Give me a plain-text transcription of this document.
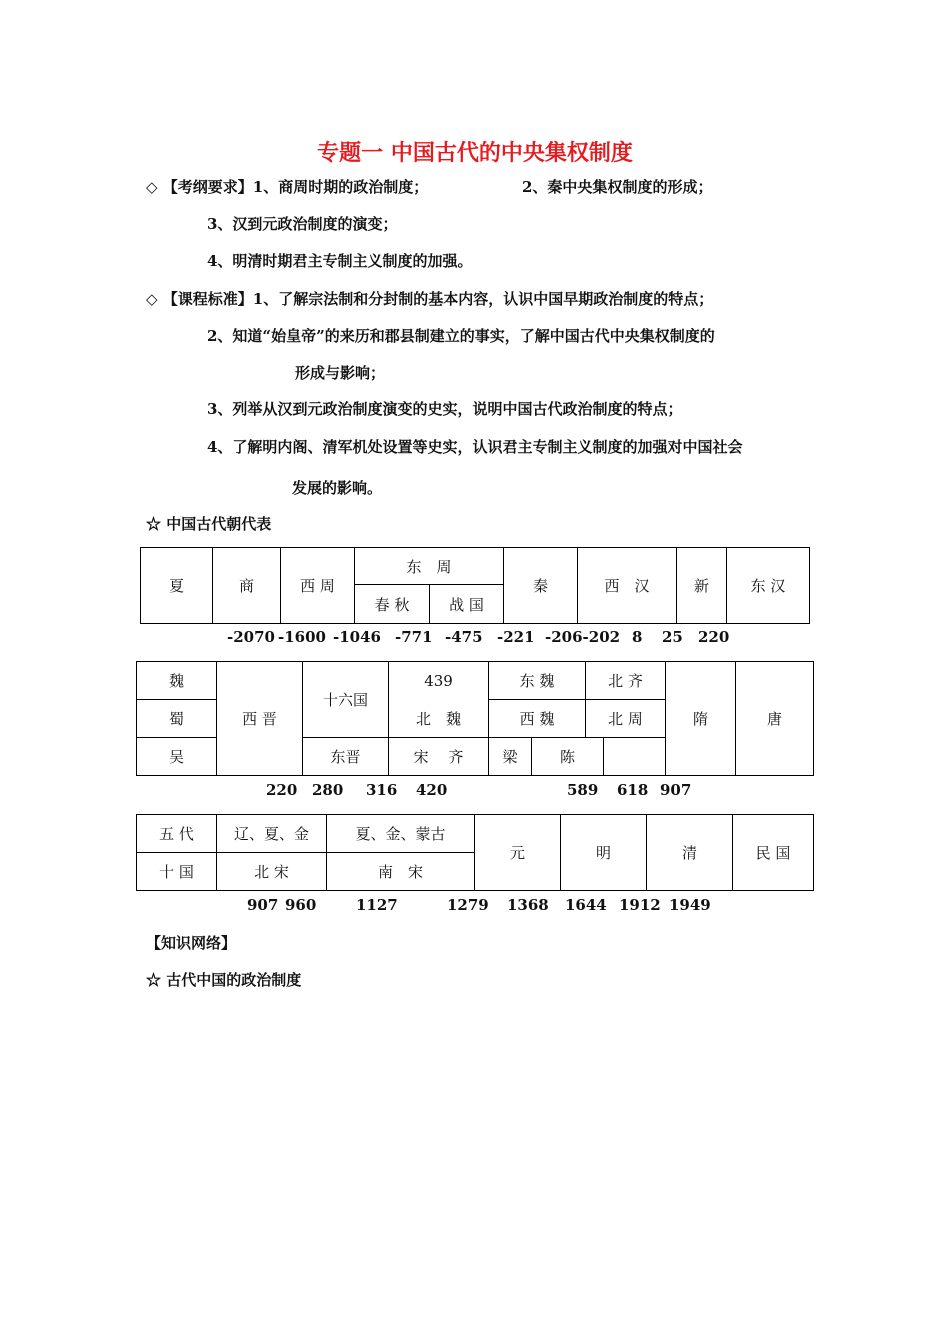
专题一 中国古代的中央集权制度
◇ 【考纲要求】1、商周时期的政治制度；	2、秦中央集权制度的形成；
3、汉到元政治制度的演变；
4、明清时期君主专制主义制度的加强。
◇ 【课程标准】1、了解宗法制和分封制的基本内容，认识中国早期政治制度的特点；
2、知道“始皇帝”的来历和郡县制建立的事实，了解中国古代中央集权制度的
形成与影响；
3、列举从汉到元政治制度演变的史实，说明中国古代政治制度的特点；
4、了解明内阁、清军机处设置等史实，认识君主专制主义制度的加强对中国社会
发展的影响。
☆ 中国古代朝代表
夏	商	西 周	东　周		秦	西　汉	新	东 汉
			春 秋	战 国				
-2070 -1600 -1046 -771 -475 -221 -206-202 8 25 220
魏	西 晋	十六国	439	东 魏		北 齐		隋	唐
蜀			北　魏	西 魏		北 周			
吴		东晋	宋　 齐	梁	陈				
220 280 316 420	589 618 907
五 代	辽、夏、金	夏、金、蒙古	元	明	清	民 国
十 国	北 宋	南　宋				
907 960	1127	1279 1368 1644 1912 1949
【知识网络】
☆ 古代中国的政治制度
